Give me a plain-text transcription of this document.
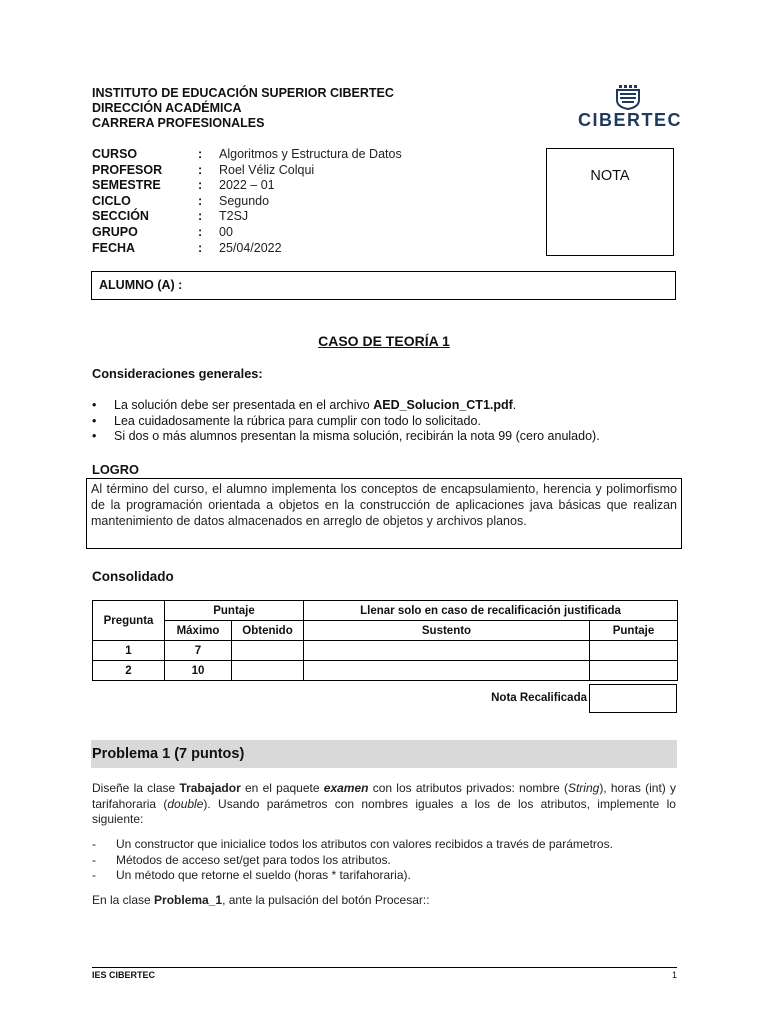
INSTITUTO DE EDUCACIÓN SUPERIOR CIBERTEC
DIRECCIÓN ACADÉMICA
CARRERA PROFESIONALES	CIBERTEC
CURSO	:	Algoritmos y Estructura de Datos
PROFESOR	:	Roel Véliz Colqui
SEMESTRE	:	2022 – 01
CICLO	:	Segundo
SECCIÓN	:	T2SJ
GRUPO	:	00
FECHA	:	25/04/2022
NOTA
ALUMNO (A) :
CASO DE TEORÍA 1
Consideraciones generales:
•	La solución debe ser presentada en el archivo AED_Solucion_CT1.pdf.
•	Lea cuidadosamente la rúbrica para cumplir con todo lo solicitado.
•	Si dos o más alumnos presentan la misma solución, recibirán la nota 99 (cero anulado).
LOGRO
Al término del curso, el alumno implementa los conceptos de encapsulamiento, herencia y polimorfismo de la programación orientada a objetos en la construcción de aplicaciones java básicas que realizan mantenimiento de datos almacenados en arreglo de objetos y archivos planos.
Consolidado
Pregunta	Puntaje		Llenar solo en caso de recalificación justificada	
	Máximo	Obtenido	Sustento	Puntaje
1	7			
2	10			
Nota Recalificada
Problema 1 (7 puntos)
Diseñe la clase Trabajador en el paquete examen con los atributos privados: nombre (String), horas (int) y tarifahoraria (double). Usando parámetros con nombres iguales a los de los atributos, implemente lo siguiente:
-	Un constructor que inicialice todos los atributos con valores recibidos a través de parámetros.
-	Métodos de acceso set/get para todos los atributos.
-	Un método que retorne el sueldo (horas * tarifahoraria).
En la clase Problema_1, ante la pulsación del botón Procesar::
IES CIBERTEC	1
